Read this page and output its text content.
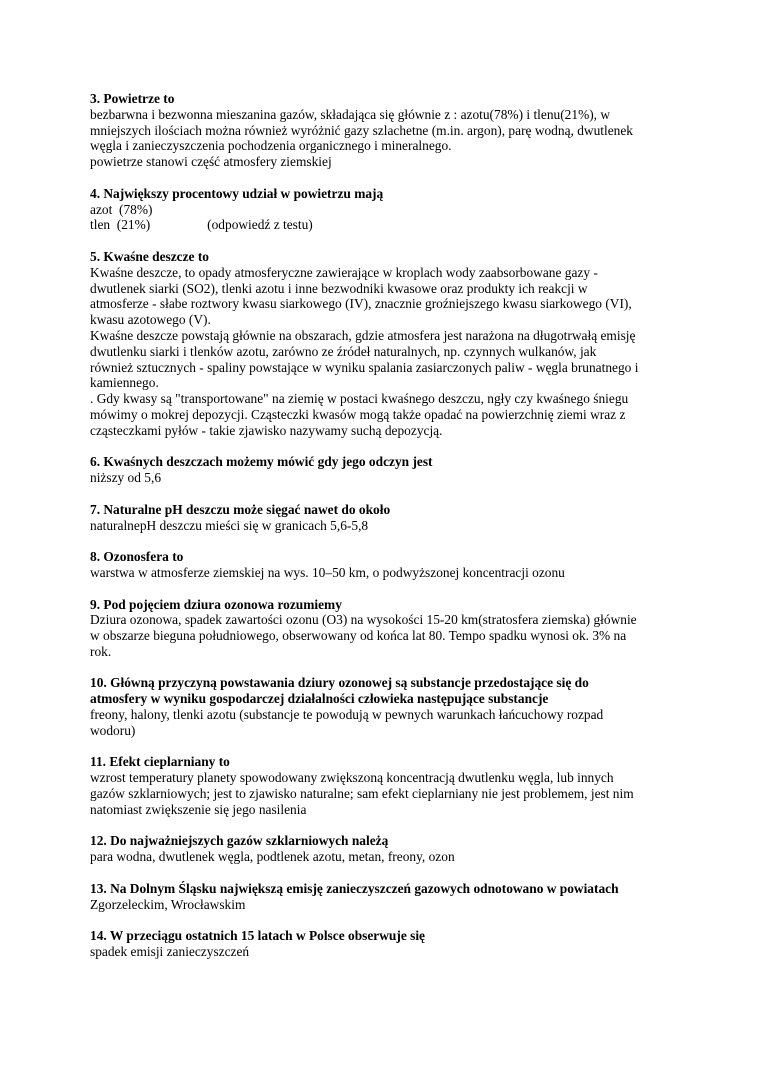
3. Powietrze to
bezbarwna i bezwonna mieszanina gazów, składająca się głównie z : azotu(78%) i tlenu(21%), w
mniejszych ilościach można również wyróżnić gazy szlachetne (m.in. argon), parę wodną, dwutlenek
węgla i zanieczyszczenia pochodzenia organicznego i mineralnego.
powietrze stanowi część atmosfery ziemskiej
4. Największy procentowy udział w powietrzu mają
azot  (78%)
tlen  (21%)                 (odpowiedź z testu)
5. Kwaśne deszcze to
Kwaśne deszcze, to opady atmosferyczne zawierające w kroplach wody zaabsorbowane gazy -
dwutlenek siarki (SO2), tlenki azotu i inne bezwodniki kwasowe oraz produkty ich reakcji w
atmosferze - słabe roztwory kwasu siarkowego (IV), znacznie groźniejszego kwasu siarkowego (VI),
kwasu azotowego (V).
Kwaśne deszcze powstają głównie na obszarach, gdzie atmosfera jest narażona na długotrwałą emisję
dwutlenku siarki i tlenków azotu, zarówno ze źródeł naturalnych, np. czynnych wulkanów, jak
również sztucznych - spaliny powstające w wyniku spalania zasiarczonych paliw - węgla brunatnego i
kamiennego.
. Gdy kwasy są "transportowane" na ziemię w postaci kwaśnego deszczu, ngły czy kwaśnego śniegu
mówimy o mokrej depozycji. Cząsteczki kwasów mogą także opadać na powierzchnię ziemi wraz z
cząsteczkami pyłów - takie zjawisko nazywamy suchą depozycją.
6. Kwaśnych deszczach możemy mówić gdy jego odczyn jest
niższy od 5,6
7. Naturalne pH deszczu może sięgać nawet do około
naturalnepH deszczu mieści się w granicach 5,6-5,8
8. Ozonosfera to
warstwa w atmosferze ziemskiej na wys. 10–50 km, o podwyższonej koncentracji ozonu
9. Pod pojęciem dziura ozonowa rozumiemy
Dziura ozonowa, spadek zawartości ozonu (O3) na wysokości 15-20 km(stratosfera ziemska) głównie
w obszarze bieguna południowego, obserwowany od końca lat 80. Tempo spadku wynosi ok. 3% na
rok.
10. Główną przyczyną powstawania dziury ozonowej są substancje przedostające się do
atmosfery w wyniku gospodarczej działalności człowieka następujące substancje
freony, halony, tlenki azotu (substancje te powodują w pewnych warunkach łańcuchowy rozpad
wodoru)
11. Efekt cieplarniany to
wzrost temperatury planety spowodowany zwiększoną koncentracją dwutlenku węgla, lub innych
gazów szklarniowych; jest to zjawisko naturalne; sam efekt cieplarniany nie jest problemem, jest nim
natomiast zwiększenie się jego nasilenia
12. Do najważniejszych gazów szklarniowych należą
para wodna, dwutlenek węgla, podtlenek azotu, metan, freony, ozon
13. Na Dolnym Śląsku największą emisję zanieczyszczeń gazowych odnotowano w powiatach
Zgorzeleckim, Wrocławskim
14. W przeciągu ostatnich 15 latach w Polsce obserwuje się
spadek emisji zanieczyszczeń
